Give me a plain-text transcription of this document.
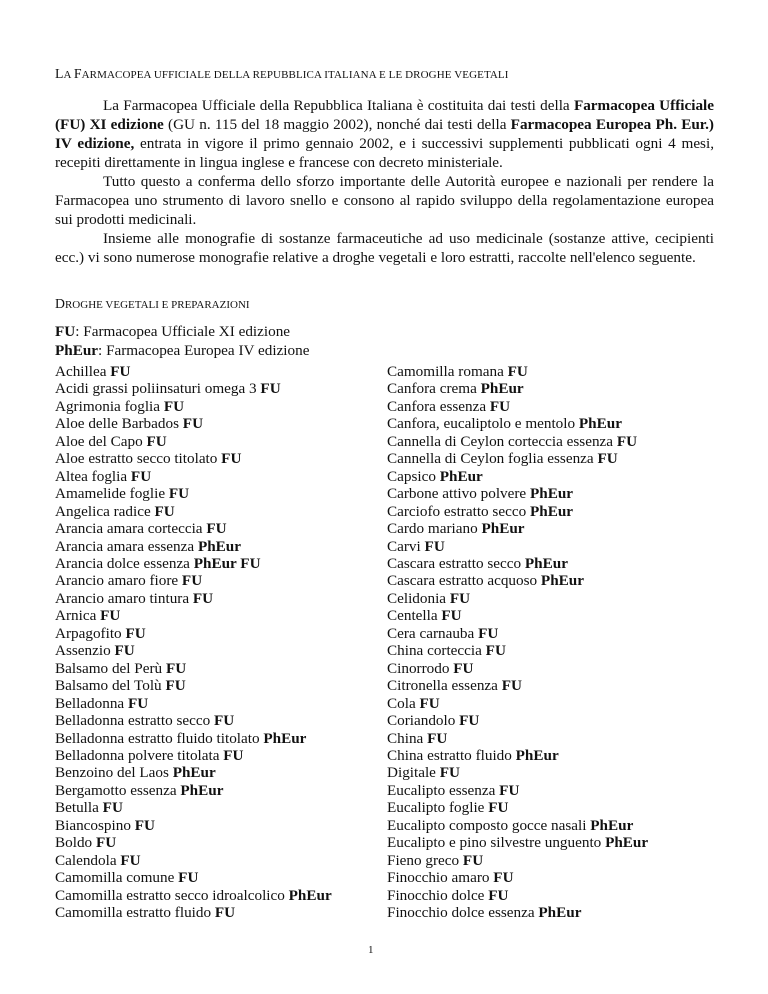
LA FARMACOPEA UFFICIALE DELLA REPUBBLICA ITALIANA E LE DROGHE VEGETALI

La Farmacopea Ufficiale della Repubblica Italiana è costituita dai testi della Farmacopea Ufficiale (FU) XI edizione (GU n. 115 del 18 maggio 2002), nonché dai testi della Farmacopea Europea Ph. Eur.) IV edizione, entrata in vigore il primo gennaio 2002, e i successivi supplementi pubblicati ogni 4 mesi, recepiti direttamente in lingua inglese e francese con decreto ministeriale.

Tutto questo a conferma dello sforzo importante delle Autorità europee e nazionali per rendere la Farmacopea uno strumento di lavoro snello e consono al rapido sviluppo della regolamentazione europea sui prodotti medicinali.

Insieme alle monografie di sostanze farmaceutiche ad uso medicinale (sostanze attive, cecipienti ecc.) vi sono numerose monografie relative a droghe vegetali e loro estratti, raccolte nell'elenco seguente.

DROGHE VEGETALI E PREPARAZIONI
FU: Farmacopea Ufficiale XI edizione
PhEur: Farmacopea Europea IV edizione
Achillea FU
Acidi grassi poliinsaturi omega 3 FU
Agrimonia foglia FU
Aloe delle Barbados FU
Aloe del Capo FU
Aloe estratto secco titolato FU
Altea foglia FU
Amamelide foglie FU
Angelica radice FU
Arancia amara corteccia FU
Arancia amara essenza PhEur
Arancia dolce essenza PhEur FU
Arancio amaro fiore FU
Arancio amaro tintura FU
Arnica FU
Arpagofito FU
Assenzio FU
Balsamo del Perù FU
Balsamo del Tolù FU
Belladonna FU
Belladonna estratto secco FU
Belladonna estratto fluido titolato PhEur
Belladonna polvere titolata FU
Benzoino del Laos PhEur
Bergamotto essenza PhEur
Betulla FU
Biancospino FU
Boldo FU
Calendola FU
Camomilla comune FU
Camomilla estratto secco idroalcolico PhEur
Camomilla estratto fluido FU
Camomilla romana FU
Canfora crema PhEur
Canfora essenza FU
Canfora, eucaliptolo e mentolo PhEur
Cannella di Ceylon corteccia essenza FU
Cannella di Ceylon foglia essenza FU
Capsico PhEur
Carbone attivo polvere PhEur
Carciofo estratto secco PhEur
Cardo mariano PhEur
Carvi FU
Cascara estratto secco PhEur
Cascara estratto acquoso PhEur
Celidonia FU
Centella FU
Cera carnauba FU
China corteccia FU
Cinorrodo FU
Citronella essenza FU
Cola FU
Coriandolo FU
China FU
China estratto fluido PhEur
Digitale FU
Eucalipto essenza FU
Eucalipto foglie FU
Eucalipto composto gocce nasali PhEur
Eucalipto e pino silvestre unguento PhEur
Fieno greco FU
Finocchio amaro FU
Finocchio dolce FU
Finocchio dolce essenza PhEur
1
